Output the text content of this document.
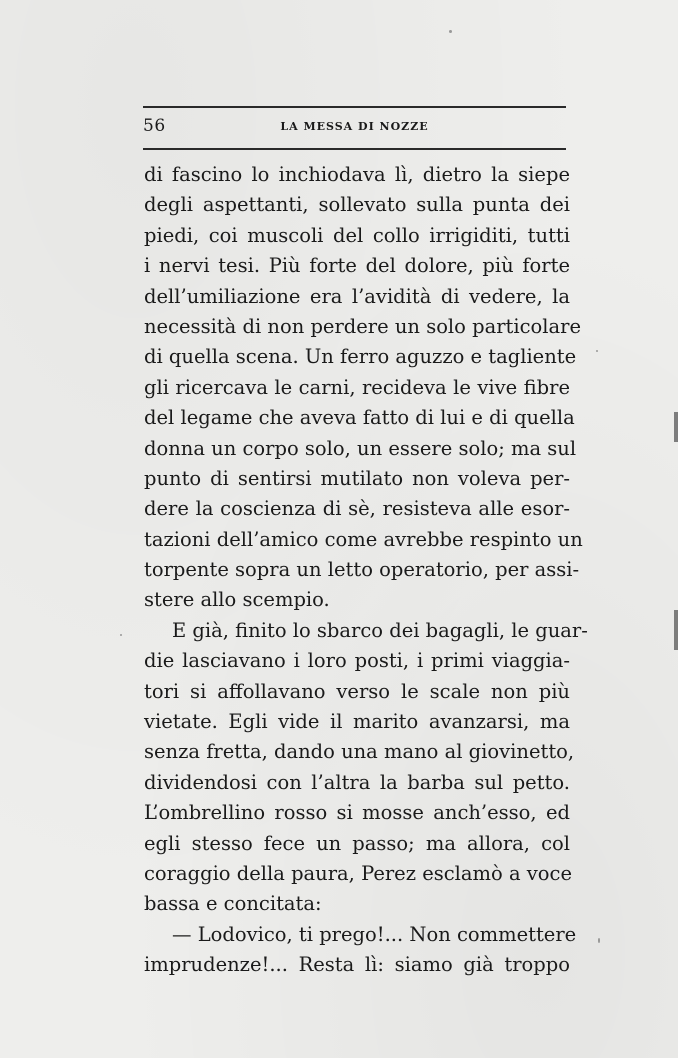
56	LA MESSA DI NOZZE
di fascino lo inchiodava lì, dietro la siepe
degli aspettanti, sollevato sulla punta dei
piedi, coi muscoli del collo irrigiditi, tutti
i nervi tesi. Più forte del dolore, più forte
dell’umiliazione era l’avidità di vedere, la
necessità di non perdere un solo particolare
di quella scena. Un ferro aguzzo e tagliente
gli ricercava le carni, recideva le vive fibre
del legame che aveva fatto di lui e di quella
donna un corpo solo, un essere solo; ma sul
punto di sentirsi mutilato non voleva per-
dere la coscienza di sè, resisteva alle esor-
tazioni dell’amico come avrebbe respinto un
torpente sopra un letto operatorio, per assi-
stere allo scempio.
E già, finito lo sbarco dei bagagli, le guar-
die lasciavano i loro posti, i primi viaggia-
tori si affollavano verso le scale non più
vietate. Egli vide il marito avanzarsi, ma
senza fretta, dando una mano al giovinetto,
dividendosi con l’altra la barba sul petto.
L’ombrellino rosso si mosse anch’esso, ed
egli stesso fece un passo; ma allora, col
coraggio della paura, Perez esclamò a voce
bassa e concitata:
— Lodovico, ti prego!... Non commettere
imprudenze!... Resta lì: siamo già troppo
